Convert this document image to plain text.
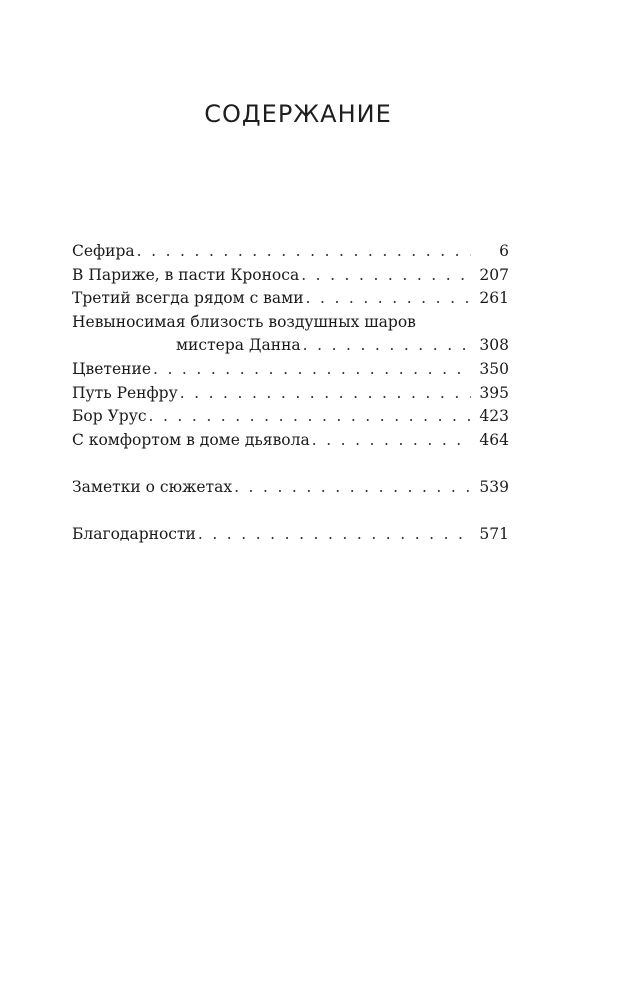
СОДЕРЖАНИЕ
Сефира . . .	6
В Париже, в пасти Кроноса . . .	207
Третий всегда рядом с вами . . .	261
Невыносимая близость воздушных шаров
мистера Данна . . .	308
Цветение . . .	350
Путь Ренфру . . .	395
Бор Урус . . .	423
С комфортом в доме дьявола . . .	464
Заметки о сюжетах . . .	539
Благодарности . . .	571
